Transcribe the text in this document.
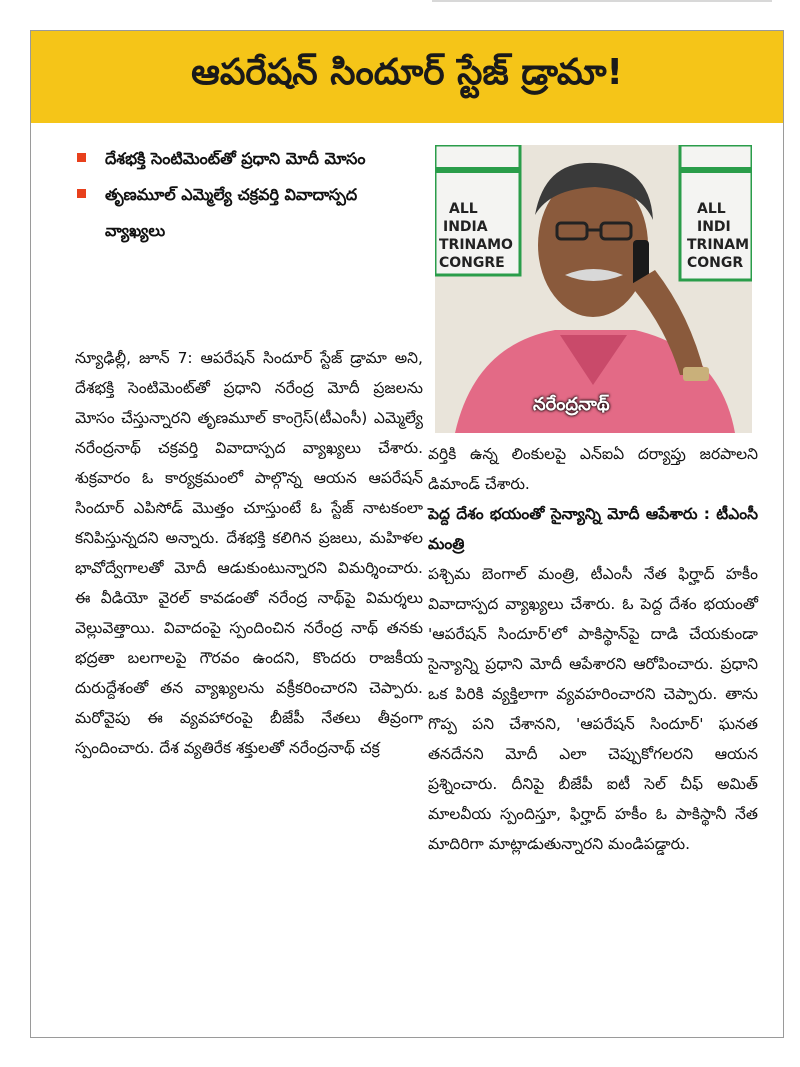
ఆపరేషన్ సిందూర్ స్టేజ్ డ్రామా!
దేశభక్తి సెంటిమెంట్‌తో ప్రధాని మోదీ మోసం
తృణమూల్ ఎమ్మెల్యే చక్రవర్తి వివాదాస్పద వ్యాఖ్యలు
ALL
INDIA
TRINAMO
CONGRE
ALL
INDI
TRINAM
CONGR
నరేంద్రనాథ్

న్యూఢిల్లీ, జూన్ 7: ఆపరేషన్ సిందూర్ స్టేజ్ డ్రామా అని, దేశభక్తి సెంటిమెంట్‌తో ప్రధాని నరేంద్ర మోదీ ప్రజలను మోసం చేస్తున్నారని తృణమూల్ కాంగ్రెస్(టీఎంసీ) ఎమ్మెల్యే నరేంద్రనాథ్ చక్రవర్తి వివాదాస్పద వ్యాఖ్యలు చేశారు. శుక్రవారం ఓ కార్యక్రమంలో పాల్గొన్న ఆయన ఆపరేషన్ సిందూర్ ఎపిసోడ్ మొత్తం చూస్తుంటే ఓ స్టేజ్ నాటకంలా కనిపిస్తున్నదని అన్నారు. దేశభక్తి కలిగిన ప్రజలు, మహిళల భావోద్వేగాలతో మోదీ ఆడుకుంటున్నారని విమర్శించారు. ఈ వీడియో వైరల్ కావడంతో నరేంద్ర నాథ్‌పై విమర్శలు వెల్లువెత్తాయి. వివాదంపై స్పందించిన నరేంద్ర నాథ్ తనకు భద్రతా బలగాలపై గౌరవం ఉందని, కొందరు రాజకీయ దురుద్దేశంతో తన వ్యాఖ్యలను వక్రీకరించారని చెప్పారు. మరోవైపు ఈ వ్యవహారంపై బీజేపీ నేతలు తీవ్రంగా స్పందించారు. దేశ వ్యతిరేక శక్తులతో నరేంద్రనాథ్ చక్ర

వర్తికి ఉన్న లింకులపై ఎన్ఐఏ దర్యాప్తు జరపాలని డిమాండ్ చేశారు.

పెద్ద దేశం భయంతో సైన్యాన్ని మోదీ ఆపేశారు : టీఎంసీ మంత్రి

పశ్చిమ బెంగాల్ మంత్రి, టీఎంసీ నేత ఫిర్హాద్ హకీం వివాదాస్పద వ్యాఖ్యలు చేశారు. ఓ పెద్ద దేశం భయంతో 'ఆపరేషన్ సిందూర్'లో పాకిస్థాన్‌పై దాడి చేయకుండా సైన్యాన్ని ప్రధాని మోదీ ఆపేశారని ఆరోపించారు. ప్రధాని ఒక పిరికి వ్యక్తిలాగా వ్యవహరించారని చెప్పారు. తాను గొప్ప పని చేశానని, 'ఆపరేషన్ సిందూర్' ఘనత తనదేనని మోదీ ఎలా చెప్పుకోగలరని ఆయన ప్రశ్నించారు. దీనిపై బీజేపీ ఐటీ సెల్ చీఫ్ అమిత్ మాలవీయ స్పందిస్తూ, ఫిర్హాద్ హకీం ఓ పాకిస్థానీ నేత మాదిరిగా మాట్లాడుతున్నారని మండిపడ్డారు.
